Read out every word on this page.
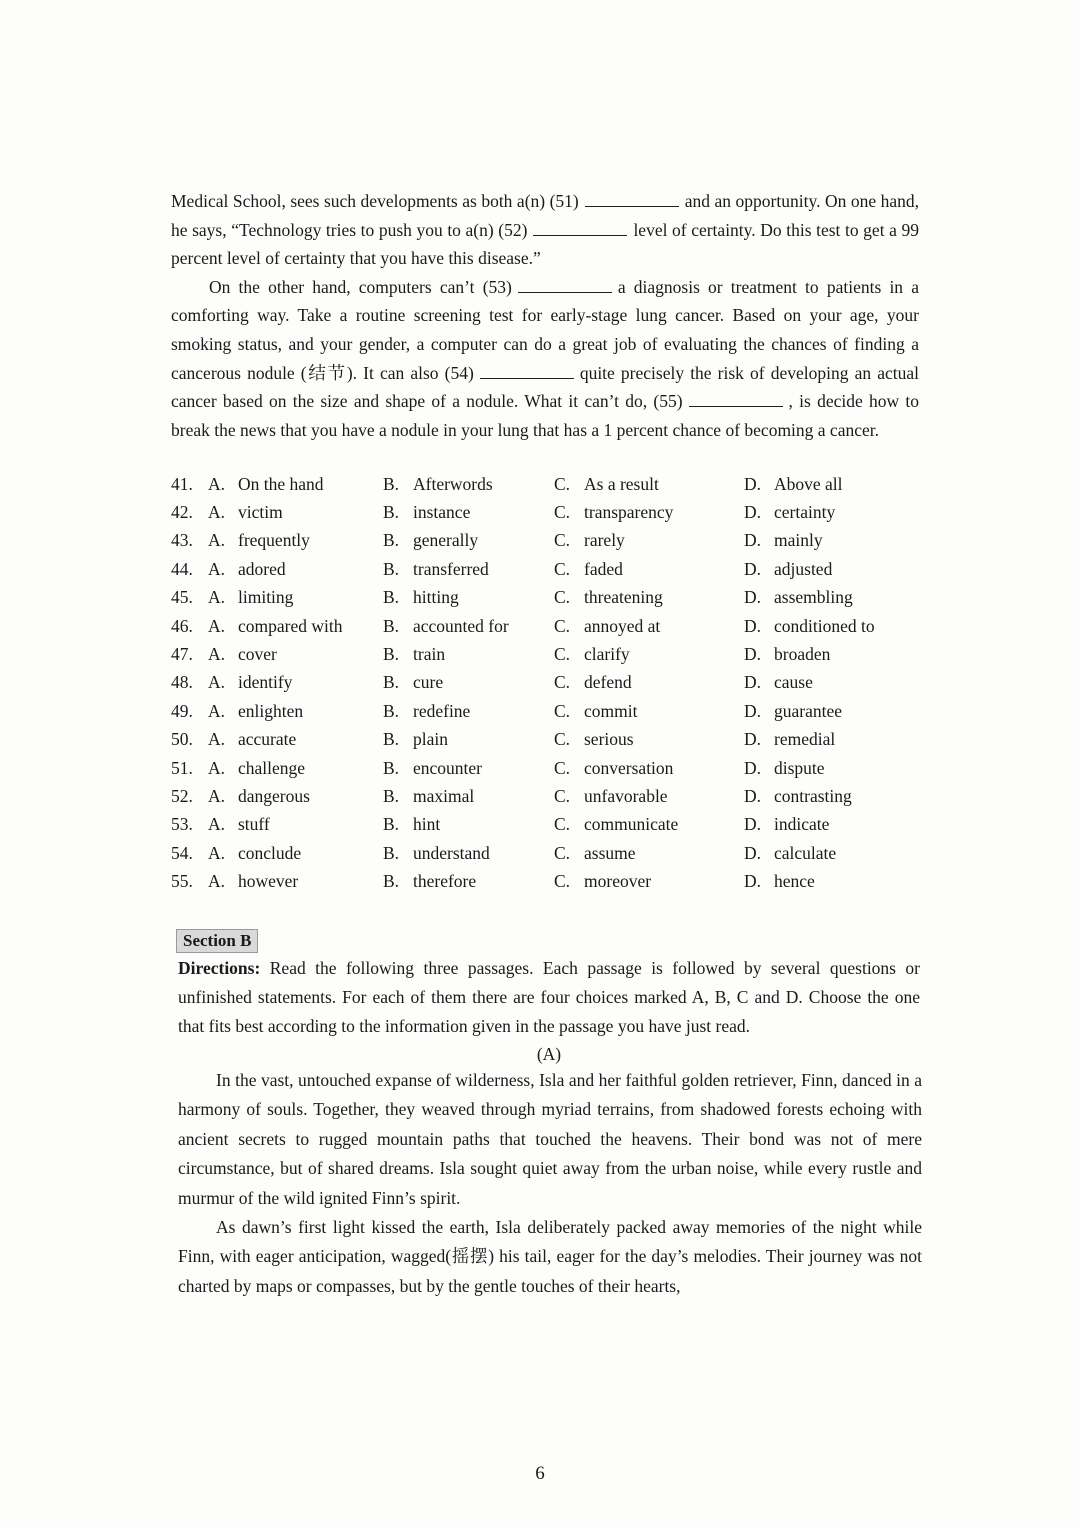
Medical School, sees such developments as both a(n) (51)	and an opportunity. On one hand, he says, “Technology tries to push you to a(n) (52)	level of certainty. Do this test to get a 99 percent level of certainty that you have this disease.”

On the other hand, computers can’t (53)	a diagnosis or treatment to patients in a comforting way. Take a routine screening test for early-stage lung cancer. Based on your age, your smoking status, and your gender, a computer can do a great job of evaluating the chances of finding a cancerous nodule (结节). It can also (54)	quite precisely the risk of developing an actual cancer based on the size and shape of a nodule. What it can’t do, (55)	, is decide how to break the news that you have a nodule in your lung that has a 1 percent chance of becoming a cancer.

41. A. On the hand	B. Afterwords	C. As a result	D. Above all
42. A. victim	B. instance	C. transparency	D. certainty
43. A. frequently	B. generally	C. rarely	D. mainly
44. A. adored	B. transferred	C. faded	D. adjusted
45. A. limiting	B. hitting	C. threatening	D. assembling
46. A. compared with	B. accounted for	C. annoyed at	D. conditioned to
47. A. cover	B. train	C. clarify	D. broaden
48. A. identify	B. cure	C. defend	D. cause
49. A. enlighten	B. redefine	C. commit	D. guarantee
50. A. accurate	B. plain	C. serious	D. remedial
51. A. challenge	B. encounter	C. conversation	D. dispute
52. A. dangerous	B. maximal	C. unfavorable	D. contrasting
53. A. stuff	B. hint	C. communicate	D. indicate
54. A. conclude	B. understand	C. assume	D. calculate
55. A. however	B. therefore	C. moreover	D. hence
Section B

Directions: Read the following three passages. Each passage is followed by several questions or unfinished statements. For each of them there are four choices marked A, B, C and D. Choose the one that fits best according to the information given in the passage you have just read.

(A)

In the vast, untouched expanse of wilderness, Isla and her faithful golden retriever, Finn, danced in a harmony of souls. Together, they weaved through myriad terrains, from shadowed forests echoing with ancient secrets to rugged mountain paths that touched the heavens. Their bond was not of mere circumstance, but of shared dreams. Isla sought quiet away from the urban noise, while every rustle and murmur of the wild ignited Finn’s spirit.

As dawn’s first light kissed the earth, Isla deliberately packed away memories of the night while Finn, with eager anticipation, wagged(摇摆) his tail, eager for the day’s melodies. Their journey was not charted by maps or compasses, but by the gentle touches of their hearts,

6
